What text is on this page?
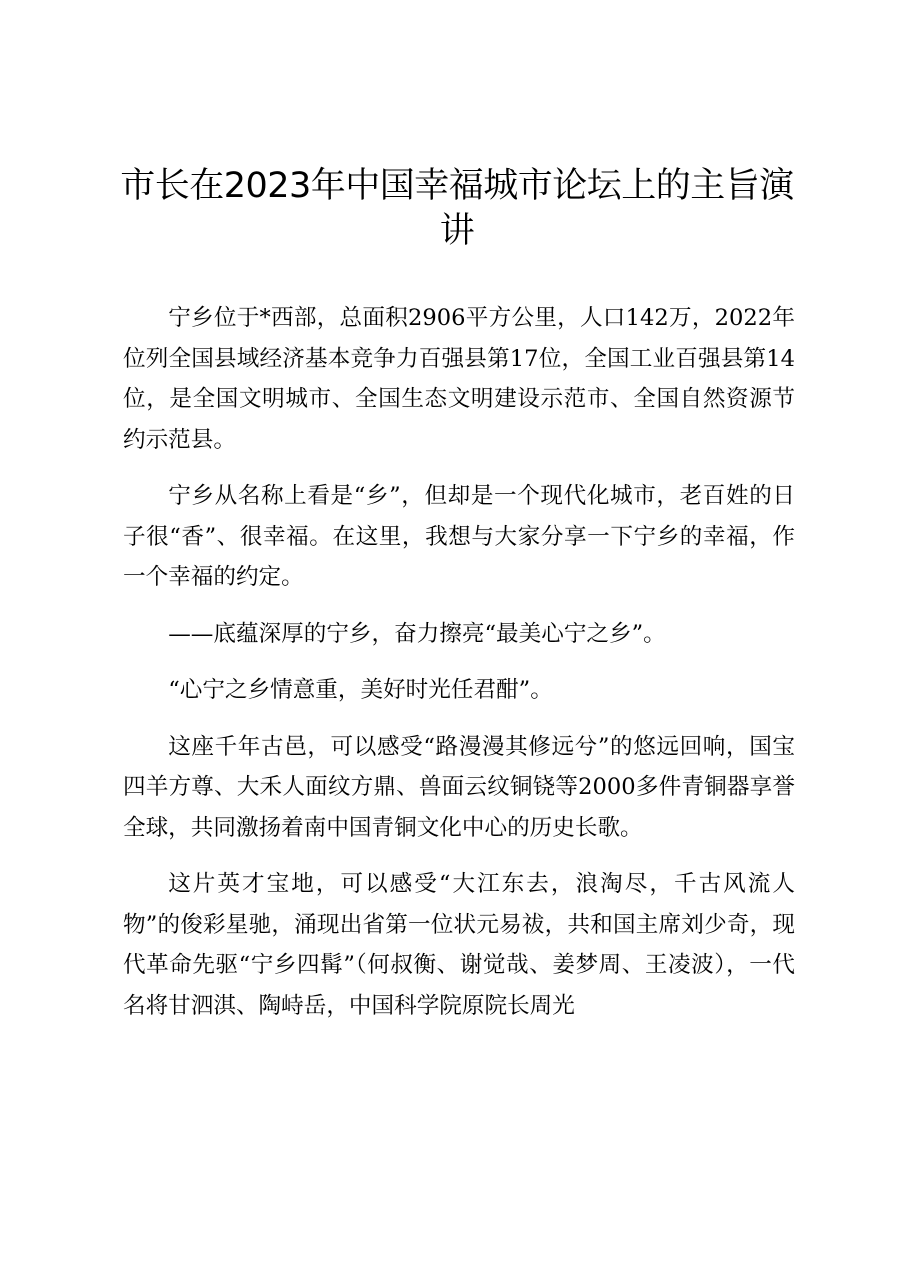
市长在2023年中国幸福城市论坛上的主旨演讲

宁乡位于*西部，总面积2906平方公里，人口142万，2022年位列全国县域经济基本竞争力百强县第17位，全国工业百强县第14位，是全国文明城市、全国生态文明建设示范市、全国自然资源节约示范县。

宁乡从名称上看是“乡”，但却是一个现代化城市，老百姓的日子很“香”、很幸福。在这里，我想与大家分享一下宁乡的幸福，作一个幸福的约定。

——底蕴深厚的宁乡，奋力擦亮“最美心宁之乡”。

“心宁之乡情意重，美好时光任君酣”。

这座千年古邑，可以感受“路漫漫其修远兮”的悠远回响，国宝四羊方尊、大禾人面纹方鼎、兽面云纹铜铙等2000多件青铜器享誉全球，共同激扬着南中国青铜文化中心的历史长歌。

这片英才宝地，可以感受“大江东去，浪淘尽，千古风流人物”的俊彩星驰，涌现出省第一位状元易祓，共和国主席刘少奇，现代革命先驱“宁乡四髯”（何叔衡、谢觉哉、姜梦周、王凌波），一代名将甘泗淇、陶峙岳，中国科学院原院长周光
